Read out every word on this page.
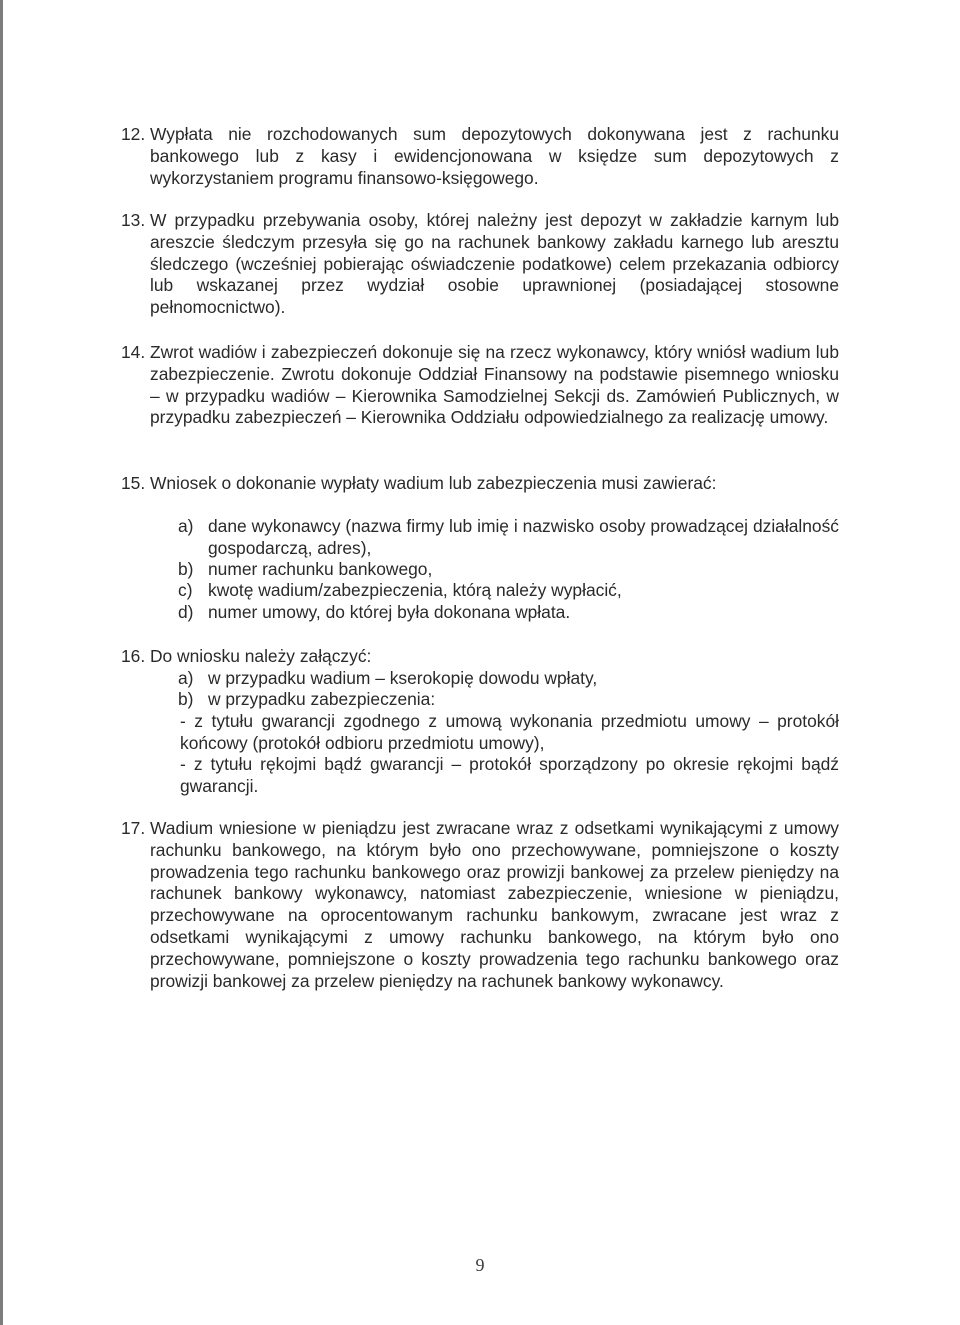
12. Wypłata nie rozchodowanych sum depozytowych dokonywana jest z rachunku bankowego lub z kasy i ewidencjonowana w księdze sum depozytowych z wykorzystaniem programu finansowo-księgowego.
13. W przypadku przebywania osoby, której należny jest depozyt w zakładzie karnym lub areszcie śledczym przesyła się go na rachunek bankowy zakładu karnego lub aresztu śledczego (wcześniej pobierając oświadczenie podatkowe) celem przekazania odbiorcy lub wskazanej przez wydział osobie uprawnionej (posiadającej stosowne pełnomocnictwo).
14. Zwrot wadiów i zabezpieczeń dokonuje się na rzecz wykonawcy, który wniósł wadium lub zabezpieczenie. Zwrotu dokonuje Oddział Finansowy na podstawie pisemnego wniosku – w przypadku wadiów – Kierownika Samodzielnej Sekcji ds. Zamówień Publicznych, w przypadku zabezpieczeń – Kierownika Oddziału odpowiedzialnego za realizację umowy.
15. Wniosek o dokonanie wypłaty wadium lub zabezpieczenia musi zawierać:
a) dane wykonawcy (nazwa firmy lub imię i nazwisko osoby prowadzącej działalność gospodarczą, adres),
b) numer rachunku bankowego,
c) kwotę wadium/zabezpieczenia, którą należy wypłacić,
d) numer umowy, do której była dokonana wpłata.
16. Do wniosku należy załączyć:
a) w przypadku wadium – kserokopię dowodu wpłaty,
b) w przypadku zabezpieczenia:
- z tytułu gwarancji zgodnego z umową wykonania przedmiotu umowy – protokół końcowy (protokół odbioru przedmiotu umowy),
- z tytułu rękojmi bądź gwarancji – protokół sporządzony po okresie rękojmi bądź gwarancji.
17. Wadium wniesione w pieniądzu jest zwracane wraz z odsetkami wynikającymi z umowy rachunku bankowego, na którym było ono przechowywane, pomniejszone o koszty prowadzenia tego rachunku bankowego oraz prowizji bankowej za przelew pieniędzy na rachunek bankowy wykonawcy, natomiast zabezpieczenie, wniesione w pieniądzu, przechowywane na oprocentowanym rachunku bankowym, zwracane jest wraz z odsetkami wynikającymi z umowy rachunku bankowego, na którym było ono przechowywane, pomniejszone o koszty prowadzenia tego rachunku bankowego oraz prowizji bankowej za przelew pieniędzy na rachunek bankowy wykonawcy.
9
